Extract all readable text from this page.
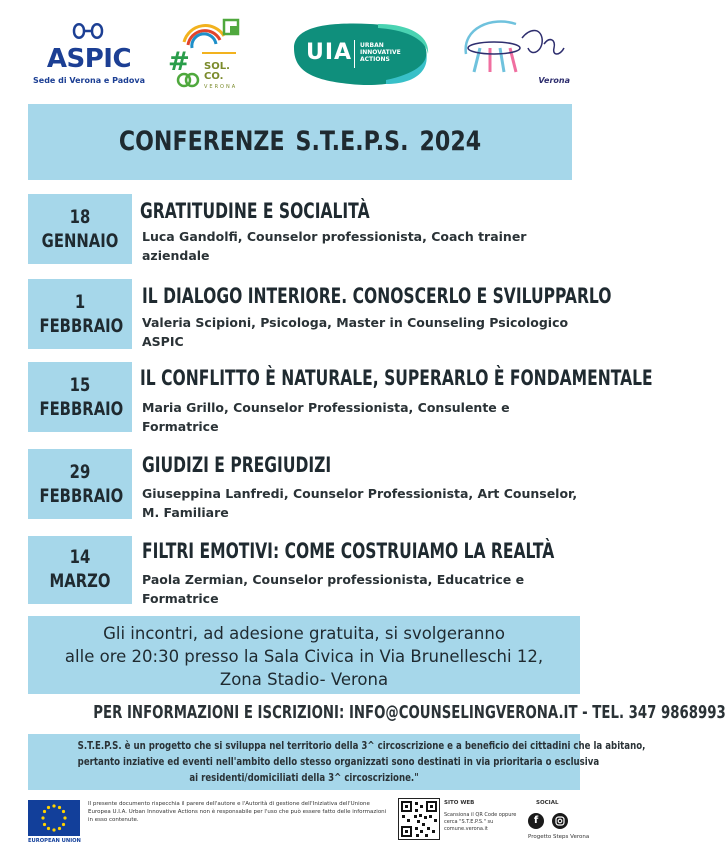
ASPIC
Sede di Verona e Padova
# SOL. CO.
VERONA
UIA URBAN INNOVATIVE ACTIONS
Verona
CONFERENZE S.T.E.P.S. 2024
18
GENNAIO
GRATITUDINE E SOCIALITÀ
Luca Gandolfi, Counselor professionista, Coach trainer aziendale
1
FEBBRAIO
IL DIALOGO INTERIORE. CONOSCERLO E SVILUPPARLO
Valeria Scipioni, Psicologa, Master in Counseling Psicologico ASPIC
15
FEBBRAIO
IL CONFLITTO È NATURALE, SUPERARLO È FONDAMENTALE
Maria Grillo, Counselor Professionista, Consulente e Formatrice
29
FEBBRAIO
GIUDIZI E PREGIUDIZI
Giuseppina Lanfredi, Counselor Professionista, Art Counselor, M. Familiare
14
MARZO
FILTRI EMOTIVI: COME COSTRUIAMO LA REALTÀ
Paola Zermian, Counselor professionista, Educatrice e Formatrice
Gli incontri, ad adesione gratuita, si svolgeranno
alle ore 20:30 presso la Sala Civica in Via Brunelleschi 12,
Zona Stadio- Verona
PER INFORMAZIONI E ISCRIZIONI: INFO@COUNSELINGVERONA.IT - TEL. 347 9868993
S.T.E.P.S. è un progetto che si sviluppa nel territorio della 3^ circoscrizione e a beneficio dei cittadini che la abitano,
pertanto inziative ed eventi nell'ambito dello stesso organizzati sono destinati in via prioritaria o esclusiva
ai residenti/domiciliati della 3^ circoscrizione."
EUROPEAN UNION
Il presente documento rispecchia il parere dell'autore e l'Autorità di gestione dell'Iniziativa dell'Unione Europea U.I.A. Urban Innovative Actions non è responsabile per l'uso che può essere fatto delle informazioni in esso contenute.
SITO WEB
Scansiona il QR Code oppure cerca "S.T.E.P.S." su comune.verona.it
SOCIAL
f
Progetto Steps Verona
